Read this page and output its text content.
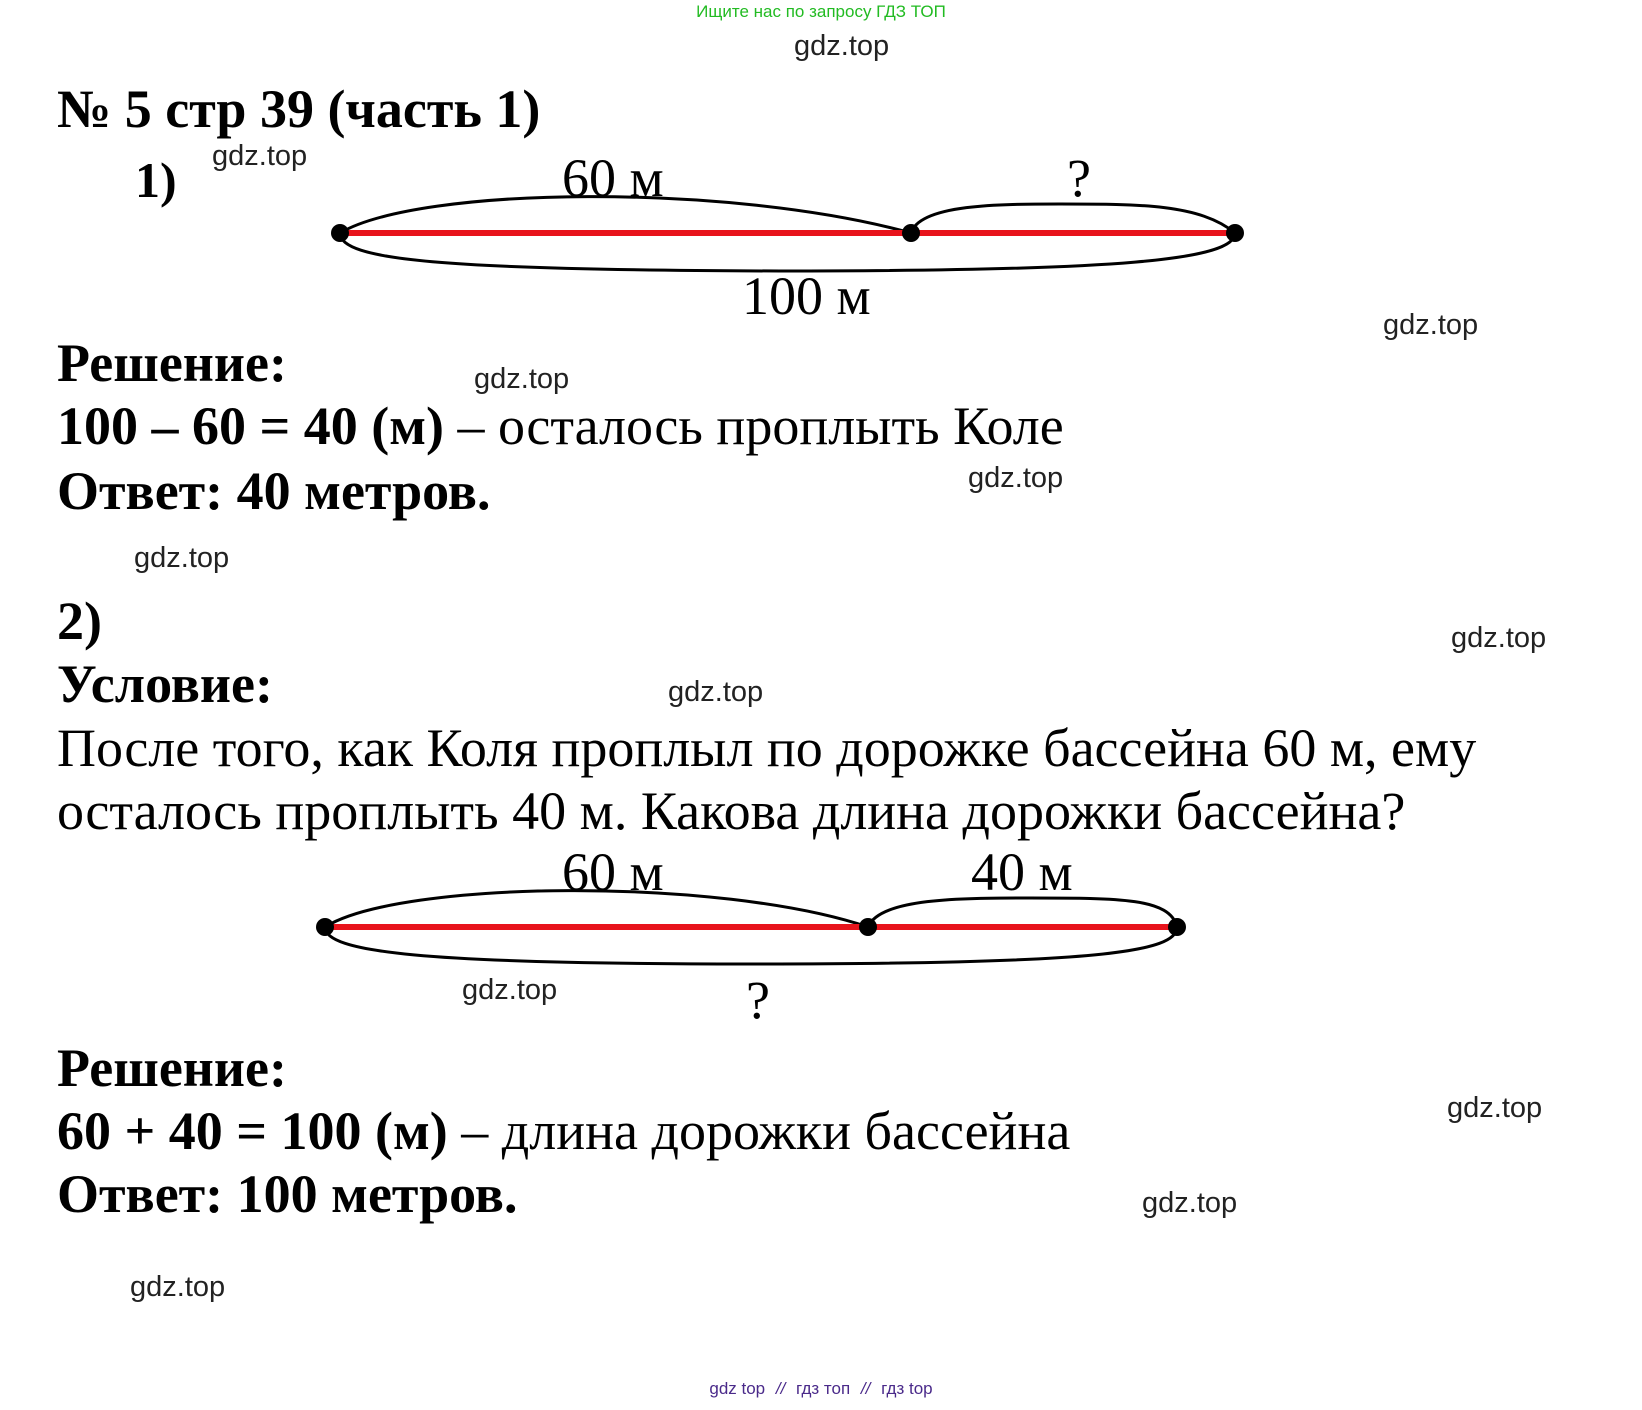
Ищите нас по запросу ГДЗ ТОП
gdz.top
№ 5 стр 39 (часть 1)
1)	60 м	?
100 м
Решение:
100 – 60 = 40 (м) – осталось проплыть Коле
Ответ: 40 метров.
2)
Условие:
После того, как Коля проплыл по дорожке бассейна 60 м, ему
осталось проплыть 40 м. Какова длина дорожки бассейна?
60 м	40 м
?
Решение:
60 + 40 = 100 (м) – длина дорожки бассейна
Ответ: 100 метров.
gdz.top
gdz.top
gdz.top
gdz.top
gdz.top
gdz.top
gdz.top
gdz.top
gdz.top
gdz.top
gdz.top
gdz top // гдз топ // гдз top
